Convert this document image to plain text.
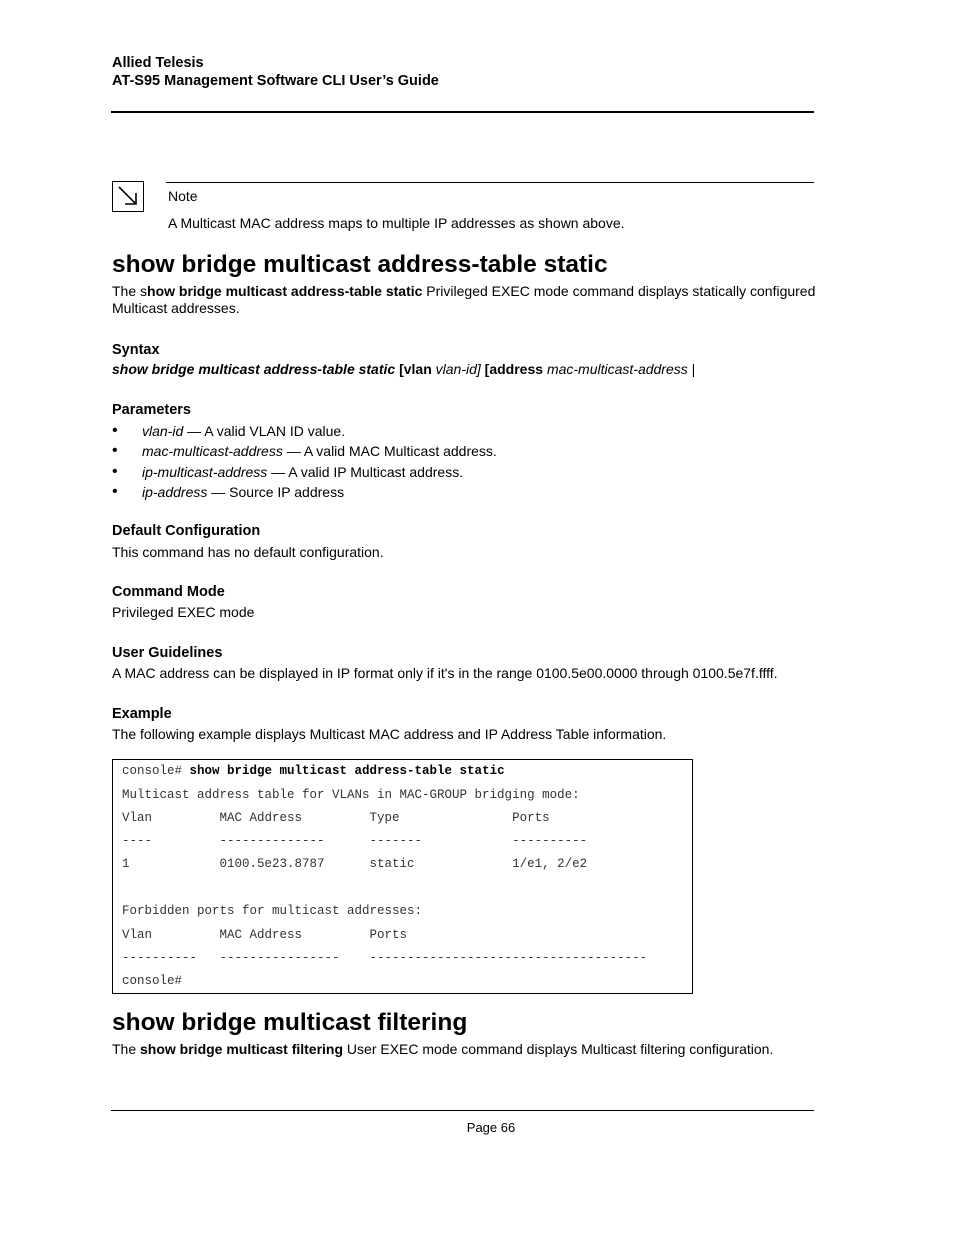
Allied Telesis
AT-S95 Management Software CLI User’s Guide
Note
A Multicast MAC address maps to multiple IP addresses as shown above.
show bridge multicast address-table static
The show bridge multicast address-table static Privileged EXEC mode command displays statically configured Multicast addresses.
Syntax
show bridge multicast address-table static [vlan vlan-id] [address mac-multicast-address |
Parameters
• vlan-id — A valid VLAN ID value.
• mac-multicast-address — A valid MAC Multicast address.
• ip-multicast-address — A valid IP Multicast address.
• ip-address — Source IP address
Default Configuration
This command has no default configuration.
Command Mode
Privileged EXEC mode
User Guidelines
A MAC address can be displayed in IP format only if it's in the range 0100.5e00.0000 through 0100.5e7f.ffff.
Example
The following example displays Multicast MAC address and IP Address Table information.
console# show bridge multicast address-table static
Multicast address table for VLANs in MAC-GROUP bridging mode:
Vlan         MAC Address         Type               Ports
----         --------------      -------            ----------
1            0100.5e23.8787      static             1/e1, 2/e2
Forbidden ports for multicast addresses:
Vlan         MAC Address         Ports
----------   ----------------    -------------------------------------
console#
show bridge multicast filtering
The show bridge multicast filtering User EXEC mode command displays Multicast filtering configuration.
Page 66
